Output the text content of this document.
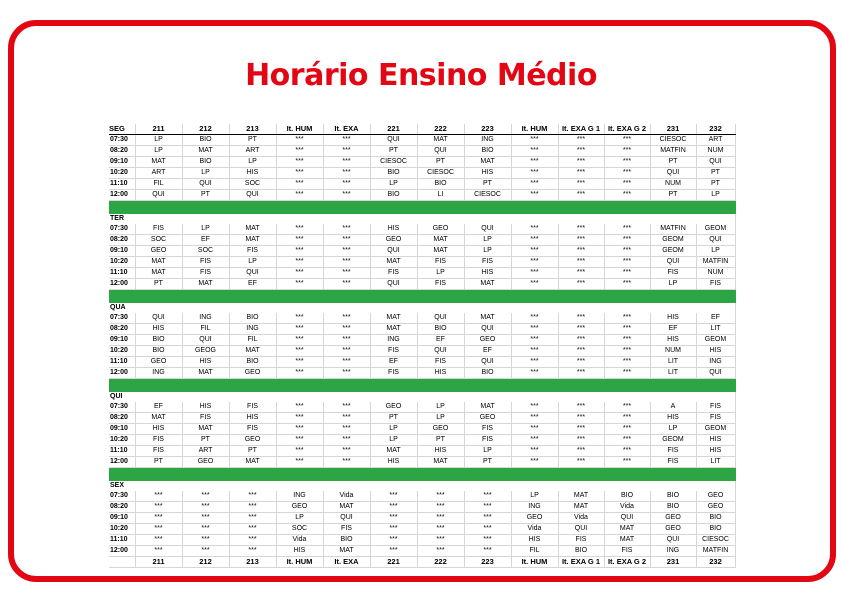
Horário Ensino Médio
SEG	211	212	213	It. HUM	It. EXA	221	222	223	It. HUM	It. EXA G 1	It. EXA G 2	231	232
07:30	LP	BIO	PT	***	***	QUI	MAT	ING	***	***	***	CIESOC	ART
08:20	LP	MAT	ART	***	***	PT	QUI	BIO	***	***	***	MATFIN	NUM
09:10	MAT	BIO	LP	***	***	CIESOC	PT	MAT	***	***	***	PT	QUI
10:20	ART	LP	HIS	***	***	BIO	CIESOC	HIS	***	***	***	QUI	PT
11:10	FIL	QUI	SOC	***	***	LP	BIO	PT	***	***	***	NUM	PT
12:00	QUI	PT	QUI	***	***	BIO	LI	CIESOC	***	***	***	PT	LP

TER													
07:30	FIS	LP	MAT	***	***	HIS	GEO	QUI	***	***	***	MATFIN	GEOM
08:20	SOC	EF	MAT	***	***	GEO	MAT	LP	***	***	***	GEOM	QUI
09:10	GEO	SOC	FIS	***	***	QUI	MAT	LP	***	***	***	GEOM	LP
10:20	MAT	FIS	LP	***	***	MAT	FIS	FIS	***	***	***	QUI	MATFIN
11:10	MAT	FIS	QUI	***	***	FIS	LP	HIS	***	***	***	FIS	NUM
12:00	PT	MAT	EF	***	***	QUI	FIS	MAT	***	***	***	LP	FIS

QUA													
07:30	QUI	ING	BIO	***	***	MAT	QUI	MAT	***	***	***	HIS	EF
08:20	HIS	FIL	ING	***	***	MAT	BIO	QUI	***	***	***	EF	LIT
09:10	BIO	QUI	FIL	***	***	ING	EF	GEO	***	***	***	HIS	GEOM
10:20	BIO	GEOG	MAT	***	***	FIS	QUI	EF	***	***	***	NUM	HIS
11:10	GEO	HIS	BIO	***	***	EF	FIS	QUI	***	***	***	LIT	ING
12:00	ING	MAT	GEO	***	***	FIS	HIS	BIO	***	***	***	LIT	QUI

QUI													
07:30	EF	HIS	FIS	***	***	GEO	LP	MAT	***	***	***	A	FIS
08:20	MAT	FIS	HIS	***	***	PT	LP	GEO	***	***	***	HIS	FIS
09:10	HIS	MAT	FIS	***	***	LP	GEO	FIS	***	***	***	LP	GEOM
10:20	FIS	PT	GEO	***	***	LP	PT	FIS	***	***	***	GEOM	HIS
11:10	FIS	ART	PT	***	***	MAT	HIS	LP	***	***	***	FIS	HIS
12:00	PT	GEO	MAT	***	***	HIS	MAT	PT	***	***	***	FIS	LIT

SEX													
07:30	***	***	***	ING	Vida	***	***	***	LP	MAT	BIO	BIO	GEO
08:20	***	***	***	GEO	MAT	***	***	***	ING	MAT	Vida	BIO	GEO
09:10	***	***	***	LP	QUI	***	***	***	GEO	Vida	QUI	GEO	BIO
10:20	***	***	***	SOC	FIS	***	***	***	Vida	QUI	MAT	GEO	BIO
11:10	***	***	***	Vida	BIO	***	***	***	HIS	FIS	MAT	QUI	CIESOC
12:00	***	***	***	HIS	MAT	***	***	***	FIL	BIO	FIS	ING	MATFIN
	211	212	213	It. HUM	It. EXA	221	222	223	It. HUM	It. EXA G 1	It. EXA G 2	231	232
